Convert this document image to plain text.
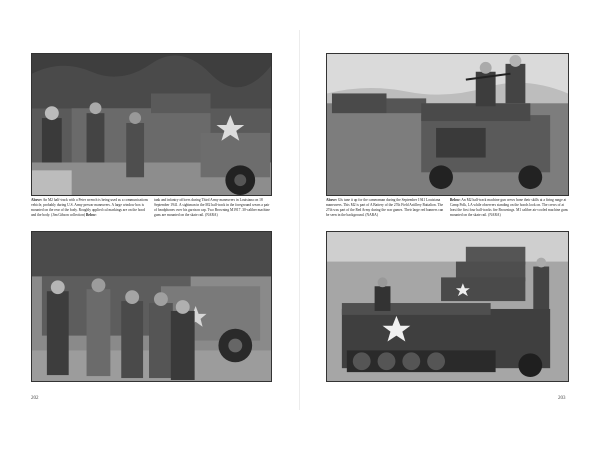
Above: An M2 half-track with a Peter wrench is being used as a communications vehicle, probably during U.S. Army prewar maneuvers. A large window box is mounted on the rear of the body. Roughly applied cal markings are on the hood and the body. (Jim Gibson collection) Below:
tank and infantry officers during Third Army maneuvers in Louisiana on 18 September 1941. A sightman in the M2 half-track in the foreground wears a pair of headphones over his garrison cap. Two Browning M1917 .30-caliber machine guns are mounted on the skate rail. (NARA)
202
Above: Gls tune it up for the cameraman during the September 1941 Louisiana maneuvers. This M2 is part of A Battery of the 27th Field Artillery Battalion. The 27th was part of the Red Army during the war games. Their large red banners can be seen in the background. (NARA)
Below: An M2 half-track machine gun crews hone their skills at a firing range at Camp Polk, LA while observers standing on the hoods look on. The crews of at least the first four half-tracks fire Brownings. M1 caliber air-cooled machine guns mounted on the skate rail. (NARA)
203
